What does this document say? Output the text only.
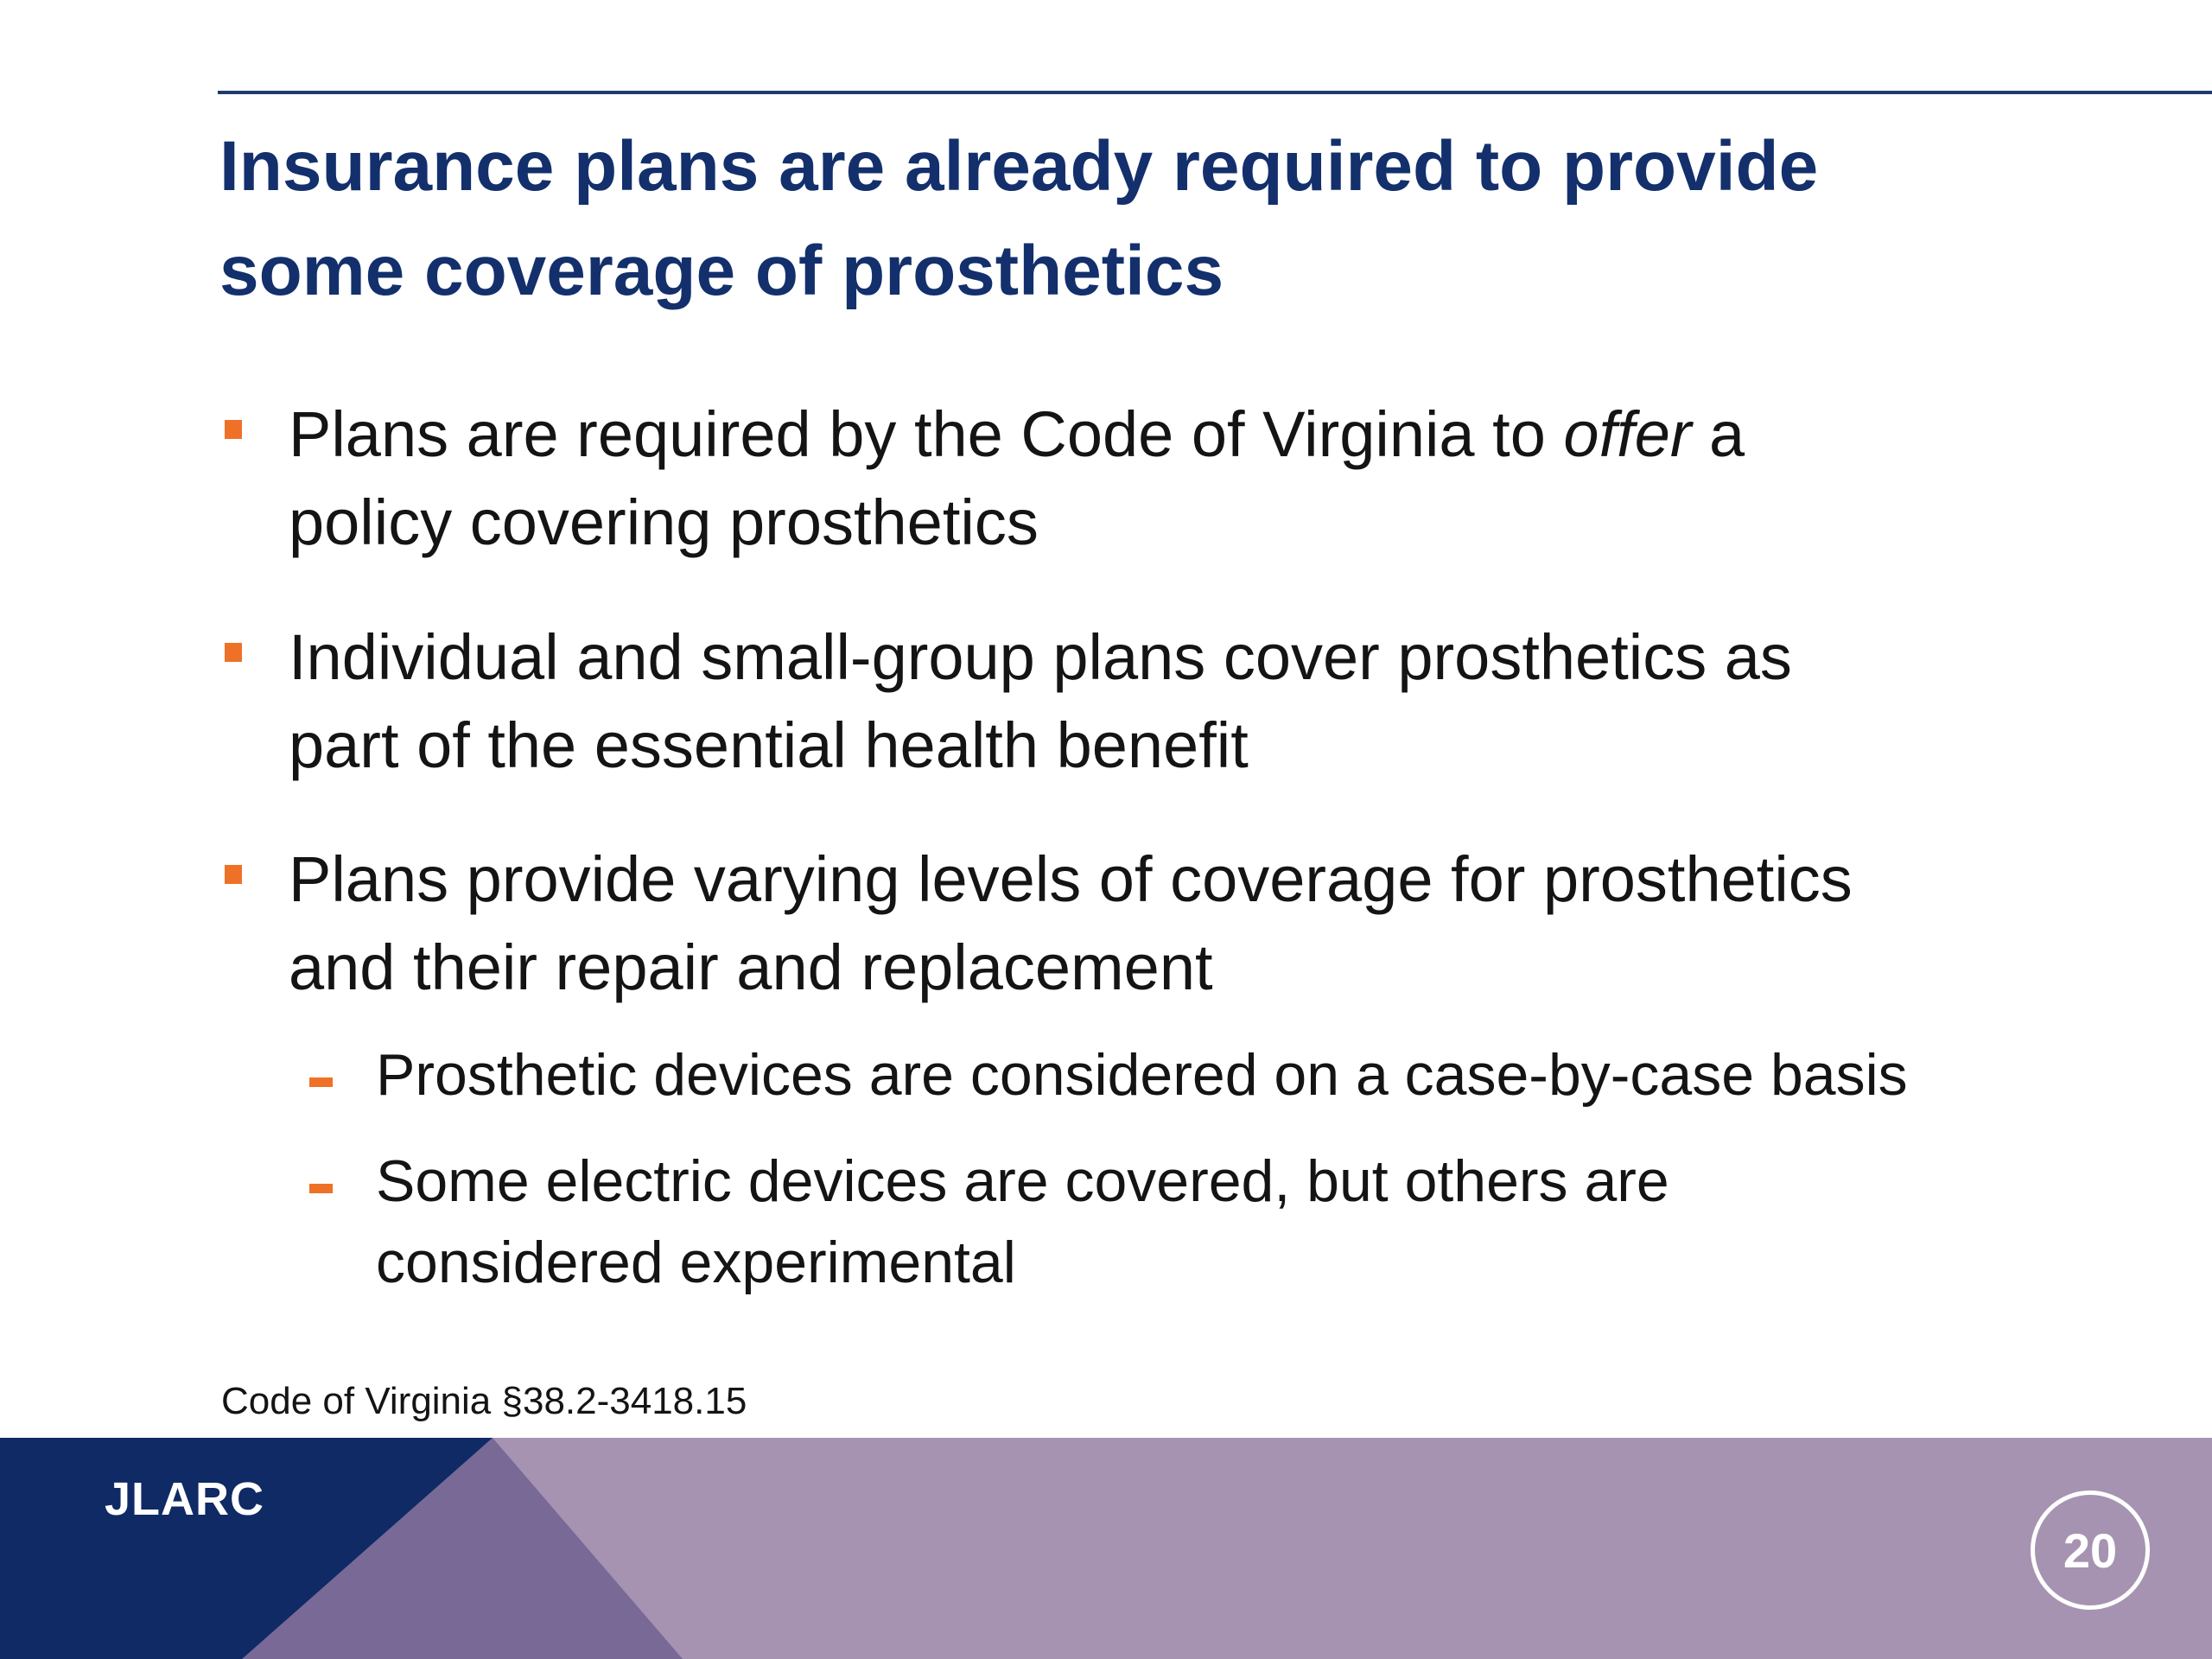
Insurance plans are already required to provide
some coverage of prosthetics
Plans are required by the Code of Virginia to offer a
policy covering prosthetics
Individual and small-group plans cover prosthetics as
part of the essential health benefit
Plans provide varying levels of coverage for prosthetics
and their repair and replacement
Prosthetic devices are considered on a case-by-case basis
Some electric devices are covered, but others are
considered experimental
Code of Virginia §38.2-3418.15
JLARC
20
